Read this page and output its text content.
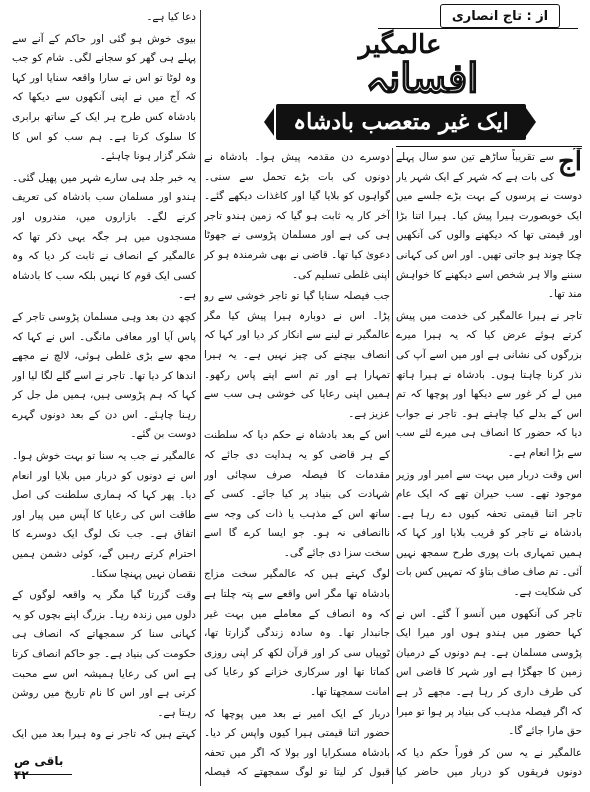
از : تاج انصاری
عالمگیر
افسانہ
ایک غیر متعصب بادشاہ
آج

سے تقریباً ساڑھے تین سو سال پہلے کی بات ہے کہ شہر کے ایک شہر یار دوست نے پرسوں کے بہت بڑے جلسے میں ایک خوبصورت ہیرا پیش کیا۔ ہیرا اتنا بڑا اور قیمتی تھا کہ دیکھنے والوں کی آنکھیں چکا چوند ہو جاتی تھیں۔ اور اس کی کہانی سننے والا ہر شخص اسے دیکھنے کا خواہش مند تھا۔

تاجر نے ہیرا عالمگیر کی خدمت میں پیش کرتے ہوئے عرض کیا کہ یہ ہیرا میرے بزرگوں کی نشانی ہے اور میں اسے آپ کی نذر کرنا چاہتا ہوں۔ بادشاہ نے ہیرا ہاتھ میں لے کر غور سے دیکھا اور پوچھا کہ تم اس کے بدلے کیا چاہتے ہو۔ تاجر نے جواب دیا کہ حضور کا انصاف ہی میرے لئے سب سے بڑا انعام ہے۔

اس وقت دربار میں بہت سے امیر اور وزیر موجود تھے۔ سب حیران تھے کہ ایک عام تاجر اتنا قیمتی تحفہ کیوں دے رہا ہے۔ بادشاہ نے تاجر کو قریب بلایا اور کہا کہ ہمیں تمہاری بات پوری طرح سمجھ نہیں آئی۔ تم صاف صاف بتاؤ کہ تمہیں کس بات کی شکایت ہے۔

تاجر کی آنکھوں میں آنسو آ گئے۔ اس نے کہا حضور میں ہندو ہوں اور میرا ایک پڑوسی مسلمان ہے۔ ہم دونوں کے درمیان زمین کا جھگڑا ہے اور شہر کا قاضی اس کی طرف داری کر رہا ہے۔ مجھے ڈر ہے کہ اگر فیصلہ مذہب کی بنیاد پر ہوا تو میرا حق مارا جائے گا۔

عالمگیر نے یہ سن کر فوراً حکم دیا کہ دونوں فریقوں کو دربار میں حاضر کیا

دوسرے دن مقدمہ پیش ہوا۔ بادشاہ نے دونوں کی بات بڑے تحمل سے سنی۔ گواہوں کو بلایا گیا اور کاغذات دیکھے گئے۔ آخر کار یہ ثابت ہو گیا کہ زمین ہندو تاجر ہی کی ہے اور مسلمان پڑوسی نے جھوٹا دعویٰ کیا تھا۔ قاضی نے بھی شرمندہ ہو کر اپنی غلطی تسلیم کی۔

جب فیصلہ سنایا گیا تو تاجر خوشی سے رو پڑا۔ اس نے دوبارہ ہیرا پیش کیا مگر عالمگیر نے لینے سے انکار کر دیا اور کہا کہ انصاف بیچنے کی چیز نہیں ہے۔ یہ ہیرا تمہارا ہے اور تم اسے اپنے پاس رکھو۔ ہمیں اپنی رعایا کی خوشی ہی سب سے عزیز ہے۔

اس کے بعد بادشاہ نے حکم دیا کہ سلطنت کے ہر قاضی کو یہ ہدایت دی جائے کہ مقدمات کا فیصلہ صرف سچائی اور شہادت کی بنیاد پر کیا جائے۔ کسی کے ساتھ اس کے مذہب یا ذات کی وجہ سے ناانصافی نہ ہو۔ جو ایسا کرے گا اسے سخت سزا دی جائے گی۔

لوگ کہتے ہیں کہ عالمگیر سخت مزاج بادشاہ تھا مگر اس واقعے سے پتہ چلتا ہے کہ وہ انصاف کے معاملے میں بہت غیر جانبدار تھا۔ وہ سادہ زندگی گزارتا تھا، ٹوپیاں سی کر اور قرآن لکھ کر اپنی روزی کماتا تھا اور سرکاری خزانے کو رعایا کی امانت سمجھتا تھا۔

دربار کے ایک امیر نے بعد میں پوچھا کہ حضور اتنا قیمتی ہیرا کیوں واپس کر دیا۔ بادشاہ مسکرایا اور بولا کہ اگر میں تحفہ قبول کر لیتا تو لوگ سمجھتے کہ فیصلہ

دعا کیا ہے۔

بیوی خوش ہو گئی اور حاکم کے آنے سے پہلے ہی گھر کو سجانے لگی۔ شام کو جب وہ لوٹا تو اس نے سارا واقعہ سنایا اور کہا کہ آج میں نے اپنی آنکھوں سے دیکھا کہ بادشاہ کس طرح ہر ایک کے ساتھ برابری کا سلوک کرتا ہے۔ ہم سب کو اس کا شکر گزار ہونا چاہئے۔

یہ خبر جلد ہی سارے شہر میں پھیل گئی۔ ہندو اور مسلمان سب بادشاہ کی تعریف کرنے لگے۔ بازاروں میں، مندروں اور مسجدوں میں ہر جگہ یہی ذکر تھا کہ عالمگیر کے انصاف نے ثابت کر دیا کہ وہ کسی ایک قوم کا نہیں بلکہ سب کا بادشاہ ہے۔

کچھ دن بعد وہی مسلمان پڑوسی تاجر کے پاس آیا اور معافی مانگی۔ اس نے کہا کہ مجھ سے بڑی غلطی ہوئی، لالچ نے مجھے اندھا کر دیا تھا۔ تاجر نے اسے گلے لگا لیا اور کہا کہ ہم پڑوسی ہیں، ہمیں مل جل کر رہنا چاہئے۔ اس دن کے بعد دونوں گہرے دوست بن گئے۔

عالمگیر نے جب یہ سنا تو بہت خوش ہوا۔ اس نے دونوں کو دربار میں بلایا اور انعام دیا۔ پھر کہا کہ ہماری سلطنت کی اصل طاقت اس کی رعایا کا آپس میں پیار اور اتفاق ہے۔ جب تک لوگ ایک دوسرے کا احترام کرتے رہیں گے، کوئی دشمن ہمیں نقصان نہیں پہنچا سکتا۔

وقت گزرتا گیا مگر یہ واقعہ لوگوں کے دلوں میں زندہ رہا۔ بزرگ اپنے بچوں کو یہ کہانی سنا کر سمجھاتے کہ انصاف ہی حکومت کی بنیاد ہے۔ جو حاکم انصاف کرتا ہے اس کی رعایا ہمیشہ اس سے محبت کرتی ہے اور اس کا نام تاریخ میں روشن رہتا ہے۔

کہتے ہیں کہ تاجر نے وہ ہیرا بعد میں ایک

باقی ص ۴۲
